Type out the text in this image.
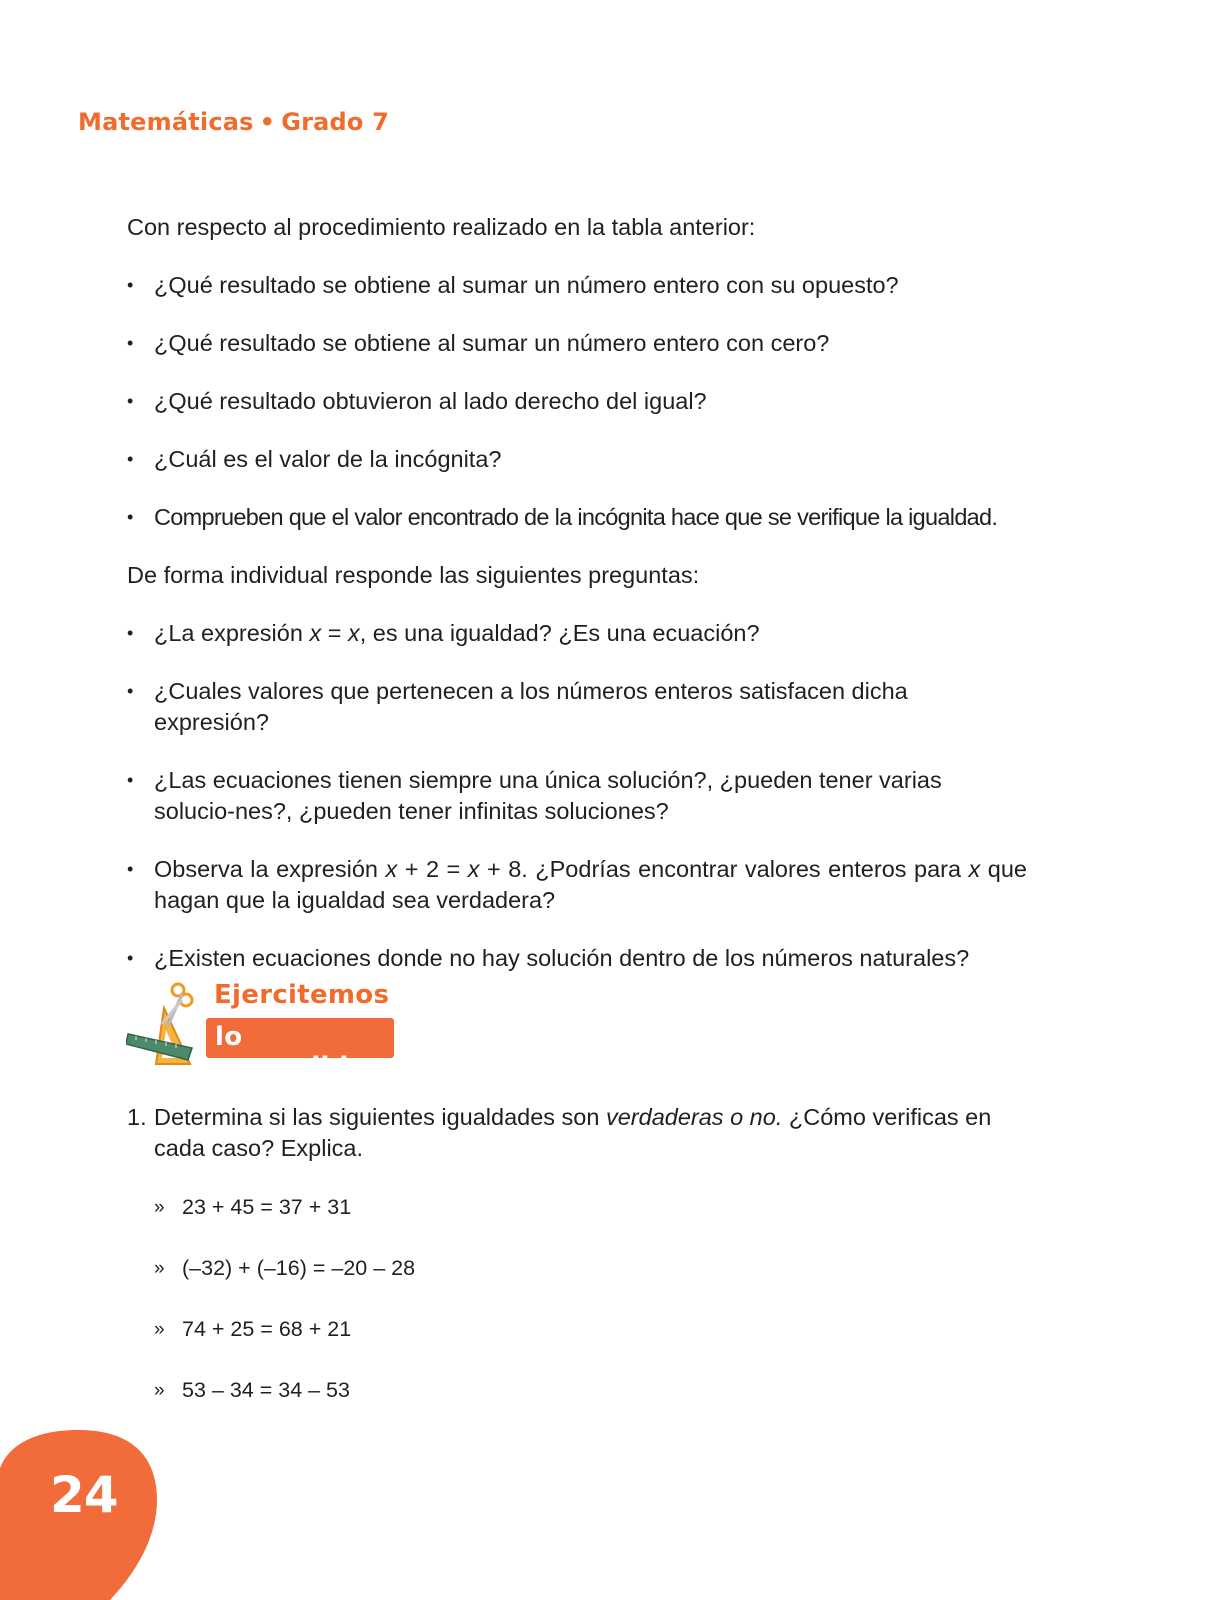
Matemáticas • Grado 7

Con respecto al procedimiento realizado en la tabla anterior:

• ¿Qué resultado se obtiene al sumar un número entero con su opuesto?
• ¿Qué resultado se obtiene al sumar un número entero con cero?
• ¿Qué resultado obtuvieron al lado derecho del igual?
• ¿Cuál es el valor de la incógnita?
• Comprueben que el valor encontrado de la incógnita hace que se verifique la igualdad.

De forma individual responde las siguientes preguntas:

• ¿La expresión x = x, es una igualdad? ¿Es una ecuación?
• ¿Cuales valores que pertenecen a los números enteros satisfacen dicha expresión?
• ¿Las ecuaciones tienen siempre una única solución?, ¿pueden tener varias solucio-nes?, ¿pueden tener infinitas soluciones?
• Observa la expresión x + 2 = x + 8. ¿Podrías encontrar valores enteros para x que hagan que la igualdad sea verdadera?
• ¿Existen ecuaciones donde no hay solución dentro de los números naturales?
Ejercitemos
lo aprendido
1. Determina si las siguientes igualdades son verdaderas o no. ¿Cómo verificas en cada caso? Explica.
» 23 + 45 = 37 + 31
» (–32) + (–16) = –20 – 28
» 74 + 25 = 68 + 21
» 53 – 34 = 34 – 53
24
